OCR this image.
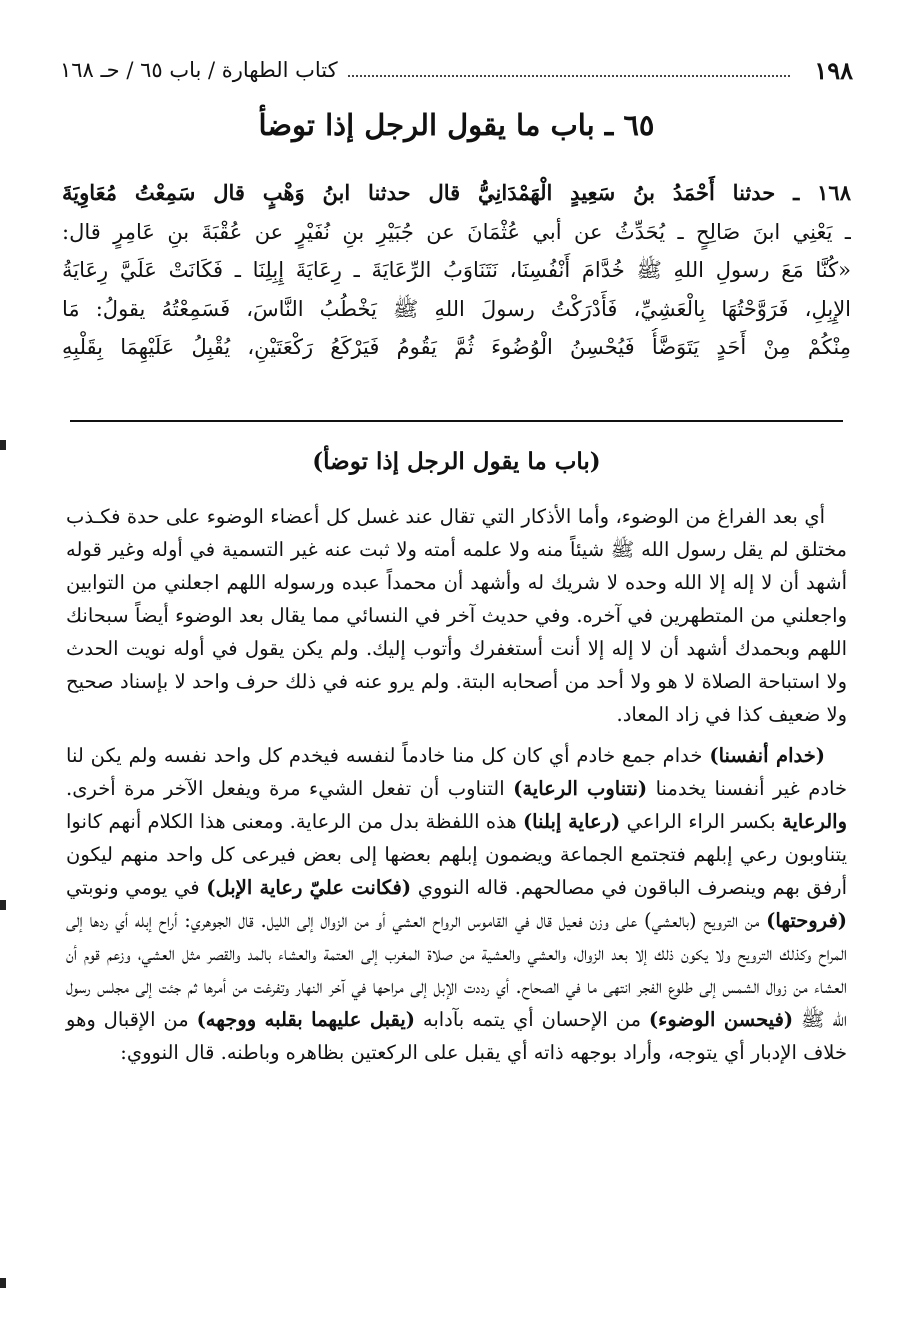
١٩٨
كتاب الطهارة / باب ٦٥ / حـ ١٦٨
٦٥ ـ باب ما يقول الرجل إذا توضأ
١٦٨ ـ حدثنا أَحْمَدُ بنُ سَعِيدٍ الْهَمْدَانِيُّ قال حدثنا ابنُ وَهْبٍ قال سَمِعْتُ مُعَاوِيَةَ
ـ يَعْنِي ابنَ صَالِحٍ ـ يُحَدِّثُ عن أبي عُثْمَانَ عن جُبَيْرِ بنِ نُفَيْرٍ عن عُقْبَةَ بنِ عَامِرٍ قال:
«كُنَّا مَعَ رسولِ اللهِ ﷺ خُدَّامَ أَنْفُسِنَا، نَتَنَاوَبُ الرِّعَايَةَ ـ رِعَايَةَ إِبِلِنَا ـ فَكَانَتْ عَلَيَّ رِعَايَةُ
الإِبِلِ، فَرَوَّحْتُهَا بِالْعَشِيِّ، فَأَدْرَكْتُ رسولَ اللهِ ﷺ يَخْطُبُ النَّاسَ، فَسَمِعْتُهُ يقولُ: مَا
مِنْكُمْ مِنْ أَحَدٍ يَتَوَضَّأُ فَيُحْسِنُ الْوُضُوءَ ثُمَّ يَقُومُ فَيَرْكَعُ رَكْعَتَيْنِ، يُقْبِلُ عَلَيْهِمَا بِقَلْبِهِ
(باب ما يقول الرجل إذا توضأ)

أي بعد الفراغ من الوضوء، وأما الأذكار التي تقال عند غسل كل أعضاء الوضوء على حدة فكـذب مختلق لم يقل رسول الله ﷺ شيئاً منه ولا علمه أمته ولا ثبت عنه غير التسمية في أوله وغير قوله أشهد أن لا إله إلا الله وحده لا شريك له وأشهد أن محمداً عبده ورسوله اللهم اجعلني من التوابين واجعلني من المتطهرين في آخره. وفي حديث آخر في النسائي مما يقال بعد الوضوء أيضاً سبحانك اللهم وبحمدك أشهد أن لا إله إلا أنت أستغفرك وأتوب إليك. ولم يكن يقول في أوله نويت الحدث ولا استباحة الصلاة لا هو ولا أحد من أصحابه البتة. ولم يرو عنه في ذلك حرف واحد لا بإسناد صحيح ولا ضعيف كذا في زاد المعاد.

(خدام أنفسنا) خدام جمع خادم أي كان كل منا خادماً لنفسه فيخدم كل واحد نفسه ولم يكن لنا خادم غير أنفسنا يخدمنا (نتناوب الرعاية) التناوب أن تفعل الشيء مرة ويفعل الآخر مرة أخرى. والرعاية بكسر الراء الراعي (رعاية إبلنا) هذه اللفظة بدل من الرعاية. ومعنى هذا الكلام أنهم كانوا يتناوبون رعي إبلهم فتجتمع الجماعة ويضمون إبلهم بعضها إلى بعض فيرعى كل واحد منهم ليكون أرفق بهم وينصرف الباقون في مصالحهم. قاله النووي (فكانت عليّ رعاية الإبل) في يومي ونوبتي (فروحتها) من الترويح (بالعشي) على وزن فعيل قال في القاموس الرواح العشي أو من الزوال إلى الليل. قال الجوهري: أراح إبله أي ردها إلى المراح وكذلك الترويح ولا يكون ذلك إلا بعد الزوال، والعشي والعشية من صلاة المغرب إلى العتمة والعشاء بالمد والقصر مثل العشي، وزعم قوم أن العشاء من زوال الشمس إلى طلوع الفجر انتهى ما في الصحاح. أي رددت الإبل إلى مراحها في آخر النهار وتفرغت من أمرها ثم جئت إلى مجلس رسول الله ﷺ (فيحسن الوضوء) من الإحسان أي يتمه بآدابه (يقبل عليهما بقلبه ووجهه) من الإقبال وهو خلاف الإدبار أي يتوجه، وأراد بوجهه ذاته أي يقبل على الركعتين بظاهره وباطنه. قال النووي:
